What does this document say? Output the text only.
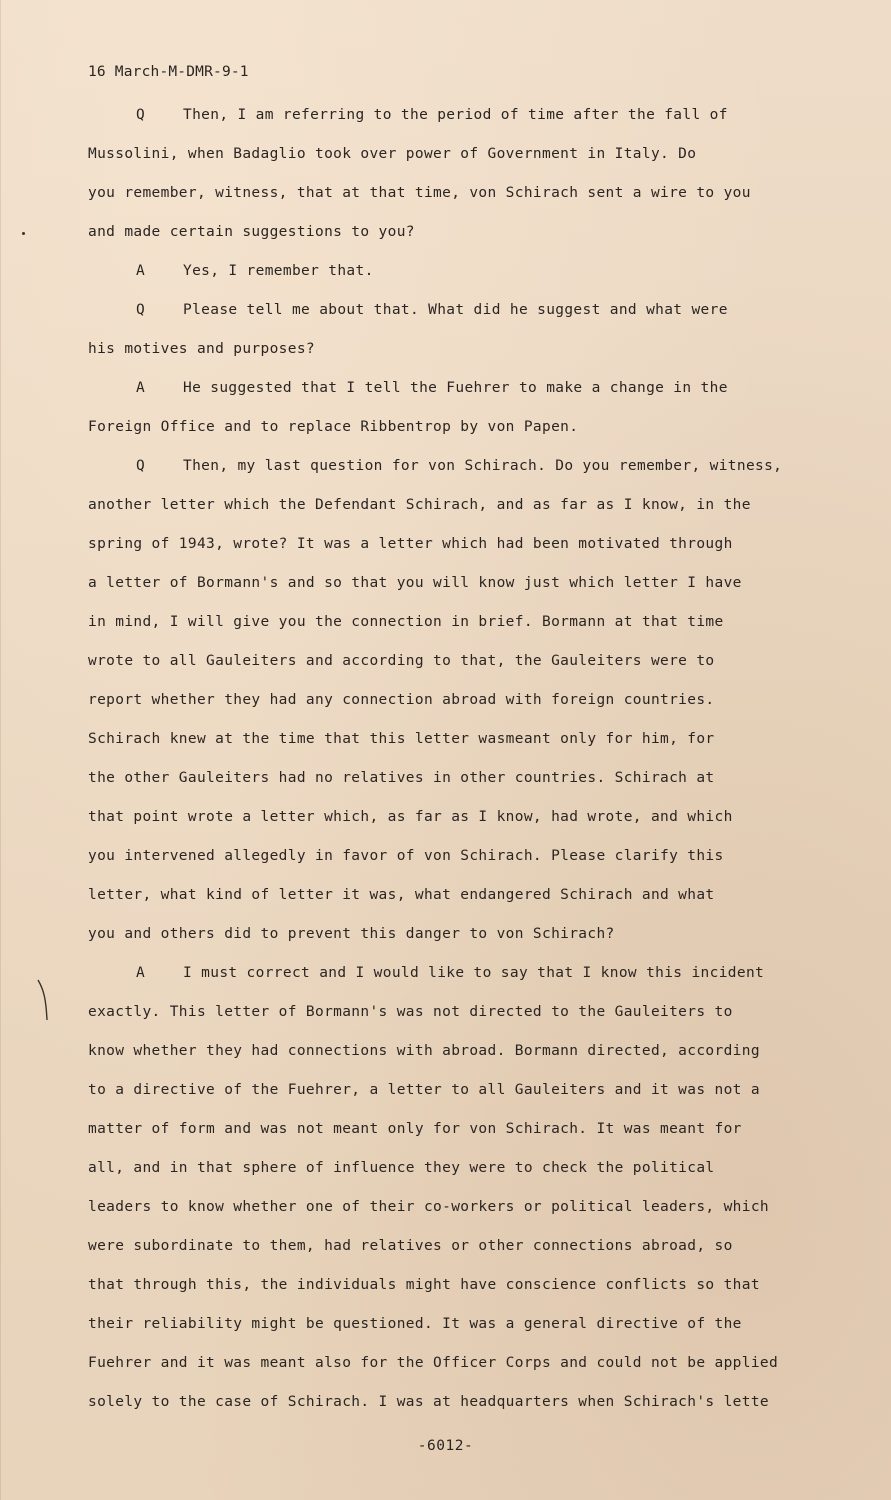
16 March-M-DMR-9-1
Q	Then, I am referring to the period of time after the fall of
Mussolini, when Badaglio took over power of Government in Italy. Do
you remember, witness, that at that time, von Schirach sent a wire to you
and made certain suggestions to you?
A	Yes, I remember that.
Q	Please tell me about that. What did he suggest and what were
his motives and purposes?
A	He suggested that I tell the Fuehrer to make a change in the
Foreign Office and to replace Ribbentrop by von Papen.
Q	Then, my last question for von Schirach. Do you remember, witness,
another letter which the Defendant Schirach, and as far as I know, in the
spring of 1943, wrote? It was a letter which had been motivated through
a letter of Bormann's and so that you will know just which letter I have
in mind, I will give you the connection in brief. Bormann at that time
wrote to all Gauleiters and according to that, the Gauleiters were to
report whether they had any connection abroad with foreign countries.
Schirach knew at the time that this letter wasmeant only for him, for
the other Gauleiters had no relatives in other countries. Schirach at
that point wrote a letter which, as far as I know, had wrote, and which
you intervened allegedly in favor of von Schirach. Please clarify this
letter, what kind of letter it was, what endangered Schirach and what
you and others did to prevent this danger to von Schirach?
A	I must correct and I would like to say that I know this incident
exactly. This letter of Bormann's was not directed to the Gauleiters to
know whether they had connections with abroad. Bormann directed, according
to a directive of the Fuehrer, a letter to all Gauleiters and it was not a
matter of form and was not meant only for von Schirach. It was meant for
all, and in that sphere of influence they were to check the political
leaders to know whether one of their co-workers or political leaders, which
were subordinate to them, had relatives or other connections abroad, so
that through this, the individuals might have conscience conflicts so that
their reliability might be questioned. It was a general directive of the
Fuehrer and it was meant also for the Officer Corps and could not be applied
solely to the case of Schirach. I was at headquarters when Schirach's lette
-6012-
